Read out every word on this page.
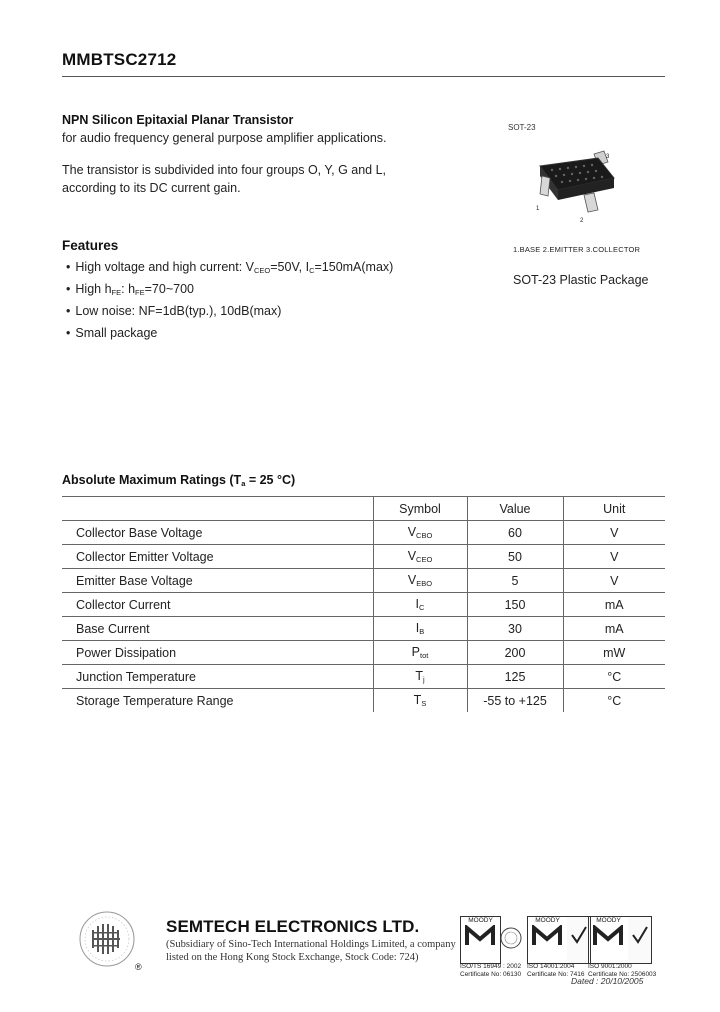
MMBTSC2712
NPN Silicon Epitaxial Planar Transistor
for audio frequency general purpose amplifier applications.
The transistor is subdivided into four groups O, Y, G and L,
according to its DC current gain.
Features
• High voltage and high current: $V_{CEO}=50V$, $I_C=150mA(\max)$
• High $h_{FE}$: $h_{FE}=70\sim 700$
• Low noise: NF=1dB(typ.), 10dB(max)
• Small package
SOT-23
3
1
2
1.BASE 2.EMITTER 3.COLLECTOR
SOT-23 Plastic Package
Absolute Maximum Ratings ($T_a = 25$ °C)
	Symbol	Value	Unit
Collector Base Voltage	$V_{CBO}$	60	V
Collector Emitter Voltage	$V_{CEO}$	50	V
Emitter Base Voltage	$V_{EBO}$	5	V
Collector Current	$I_C$	150	mA
Base Current	$I_B$	30	mA
Power Dissipation	$P_{tot}$	200	mW
Junction Temperature	$T_j$	125	°C
Storage Temperature Range	$T_S$	-55 to +125	°C
®
SEMTECH ELECTRONICS LTD.
(Subsidiary of Sino-Tech International Holdings Limited, a company
listed on the Hong Kong Stock Exchange, Stock Code: 724)
MOODY	MOODY	MOODY
ISO/TS 16949 : 2002
Certificate No: 06130
ISO 14001:2004
Certificate No: 7416
ISO 9001:2000
Certificate No: 2506003
Dated : 20/10/2005
